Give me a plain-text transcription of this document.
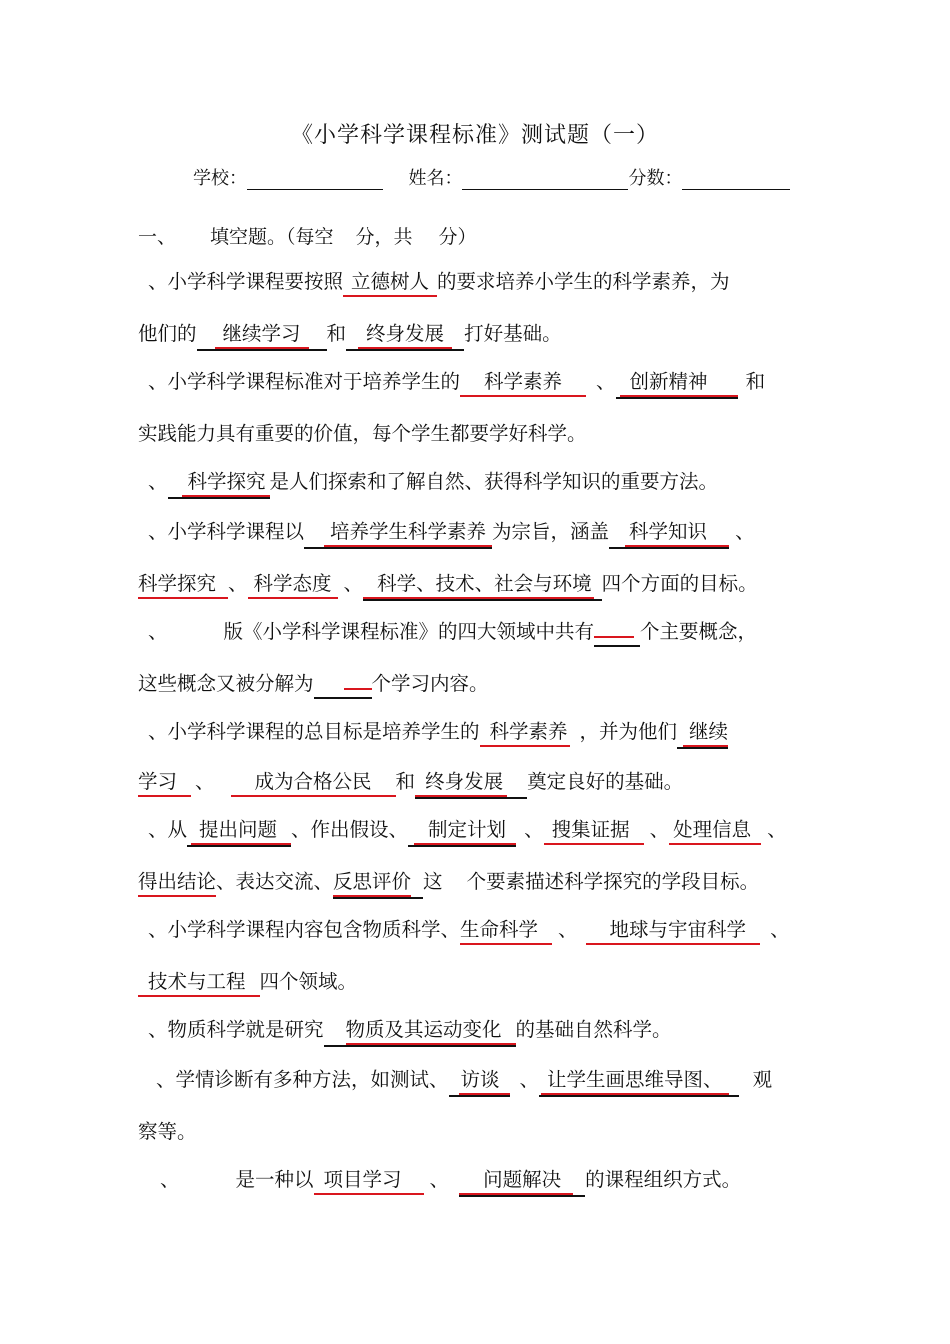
《小学科学课程标准》测试题（一）
学校：	姓名：	分数：
一、 填空题。（每空 分，共 分）
、小学科学课程要按照 立德树人 的要求培养小学生的科学素养，为
他们的 继续学习 和 终身发展 打好基础。
、小学科学课程标准对于培养学生的 科学素养 、 创新精神 和
实践能力具有重要的价值，每个学生都要学好科学。
、 科学探究 是人们探索和了解自然、获得科学知识的重要方法。
、小学科学课程以 培养学生科学素养 为宗旨，涵盖 科学知识 、
科学探究 、 科学态度 、 科学、技术、社会与环境 四个方面的目标。
、	版《小学科学课程标准》的四大领域中共有 个主要概念，
这些概念又被分解为	个学习内容。
、小学科学课程的总目标是培养学生的 科学素养 ，并为他们 继续
学习 、 成为合格公民 和 终身发展 奠定良好的基础。
、从 提出问题 、作出假设、 制定计划 、 搜集证据 、 处理信息 、
得出结论、表达交流、反思评价 这 个要素描述科学探究的学段目标。
、小学科学课程内容包含物质科学、生命科学 、 地球与宇宙科学 、
技术与工程 四个领域。
、物质科学就是研究 物质及其运动变化 的基础自然科学。
、学情诊断有多种方法，如测试、 访谈 、 让学生画思维导图、 观
察等。
、	是一种以 项目学习 、 问题解决 的课程组织方式。
